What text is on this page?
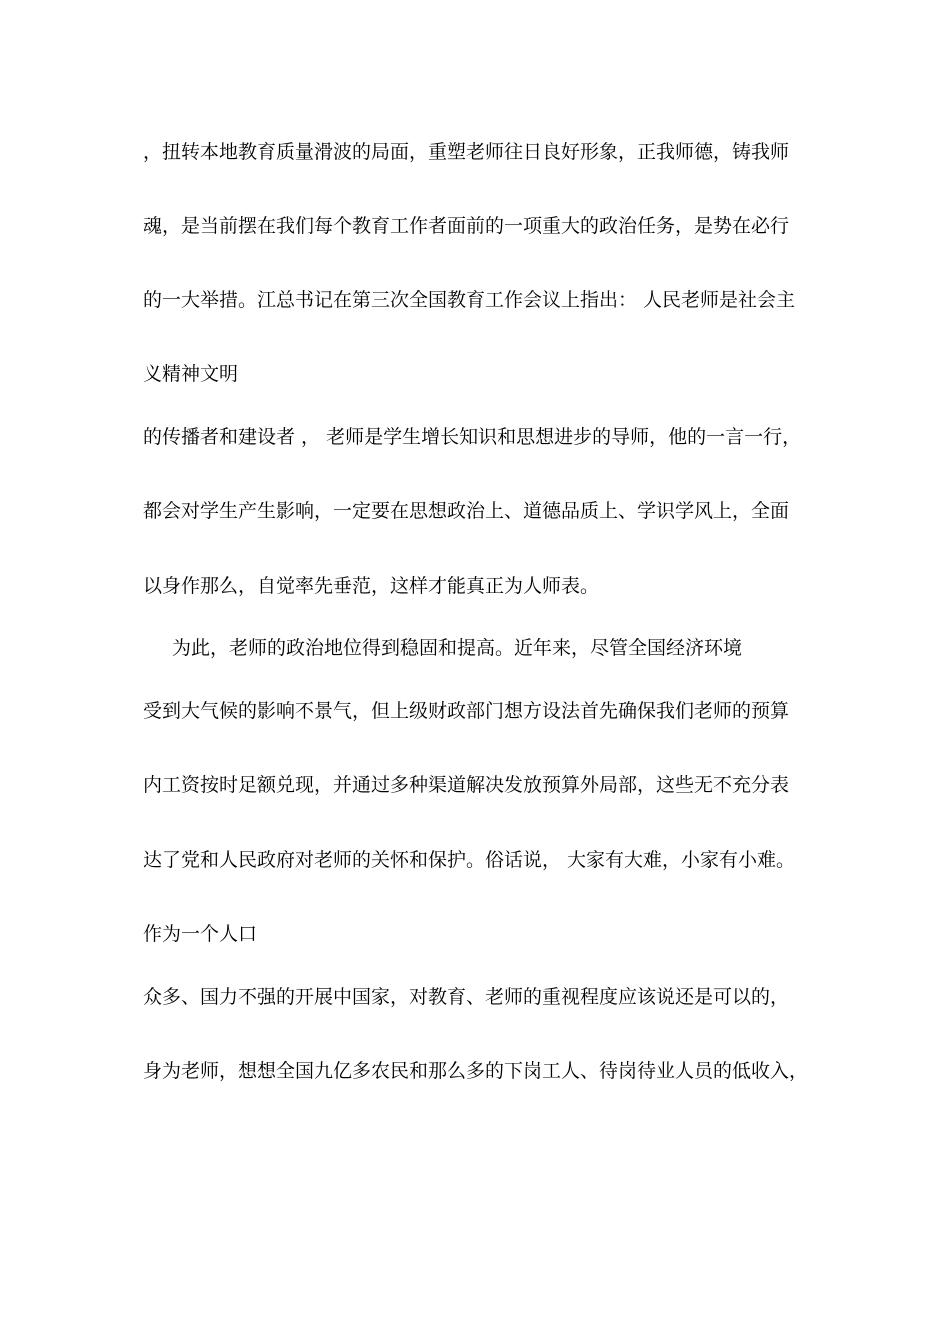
，扭转本地教育质量滑波的局面，重塑老师往日良好形象，正我师德，铸我师
魂，是当前摆在我们每个教育工作者面前的一项重大的政治任务，是势在必行
的一大举措。江总书记在第三次全国教育工作会议上指出： 人民老师是社会主
义精神文明
的传播者和建设者 ， 老师是学生增长知识和思想进步的导师，他的一言一行，
都会对学生产生影响，一定要在思想政治上、道德品质上、学识学风上，全面
以身作那么，自觉率先垂范，这样才能真正为人师表。
为此，老师的政治地位得到稳固和提高。近年来，尽管全国经济环境
受到大气候的影响不景气，但上级财政部门想方设法首先确保我们老师的预算
内工资按时足额兑现，并通过多种渠道解决发放预算外局部，这些无不充分表
达了党和人民政府对老师的关怀和保护。俗话说， 大家有大难，小家有小难。
作为一个人口
众多、国力不强的开展中国家，对教育、老师的重视程度应该说还是可以的，
身为老师，想想全国九亿多农民和那么多的下岗工人、待岗待业人员的低收入，
